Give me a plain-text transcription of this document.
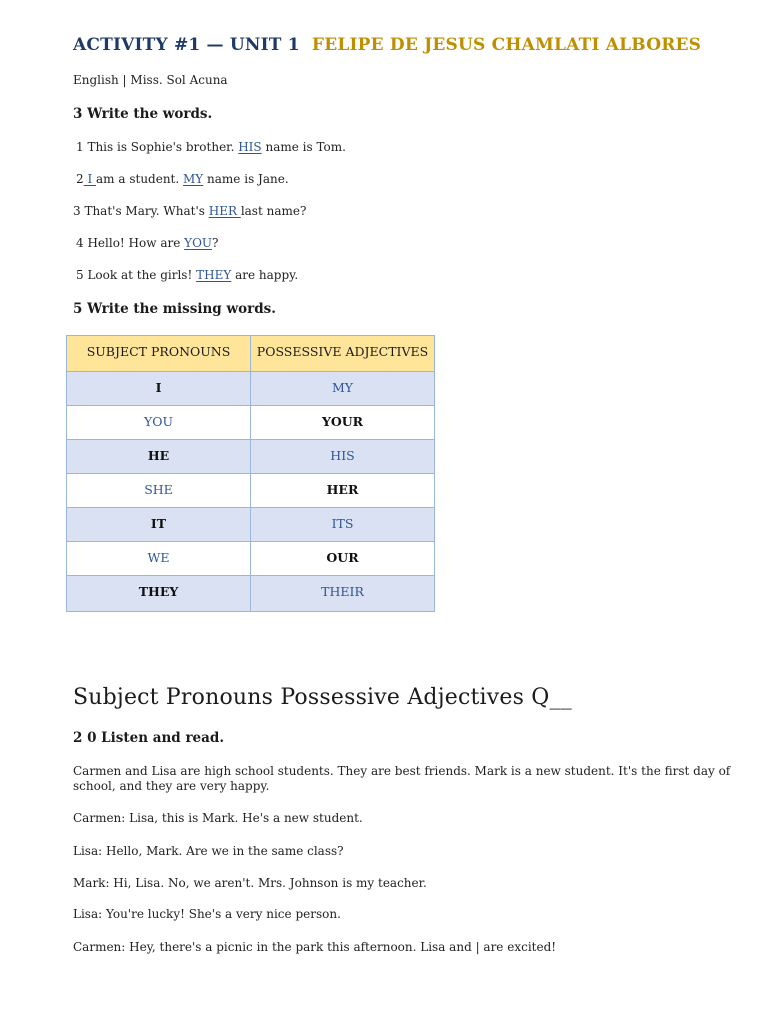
ACTIVITY #1 — UNIT 1 FELIPE DE JESUS CHAMLATI ALBORES
English | Miss. Sol Acuna
3 Write the words.
1 This is Sophie's brother. HIS name is Tom.
2 I am a student. MY name is Jane.
3 That's Mary. What's HER last name?
4 Hello! How are YOU?
5 Look at the girls! THEY are happy.
5 Write the missing words.
SUBJECT PRONOUNS	POSSESSIVE ADJECTIVES
I	MY
YOU	YOUR
HE	HIS
SHE	HER
IT	ITS
WE	OUR
THEY	THEIR
Subject Pronouns Possessive Adjectives Q__
2 0 Listen and read.
Carmen and Lisa are high school students. They are best friends. Mark is a new student. It's the first day of school, and they are very happy.
Carmen: Lisa, this is Mark. He's a new student.
Lisa: Hello, Mark. Are we in the same class?
Mark: Hi, Lisa. No, we aren't. Mrs. Johnson is my teacher.
Lisa: You're lucky! She's a very nice person.
Carmen: Hey, there's a picnic in the park this afternoon. Lisa and | are excited!
